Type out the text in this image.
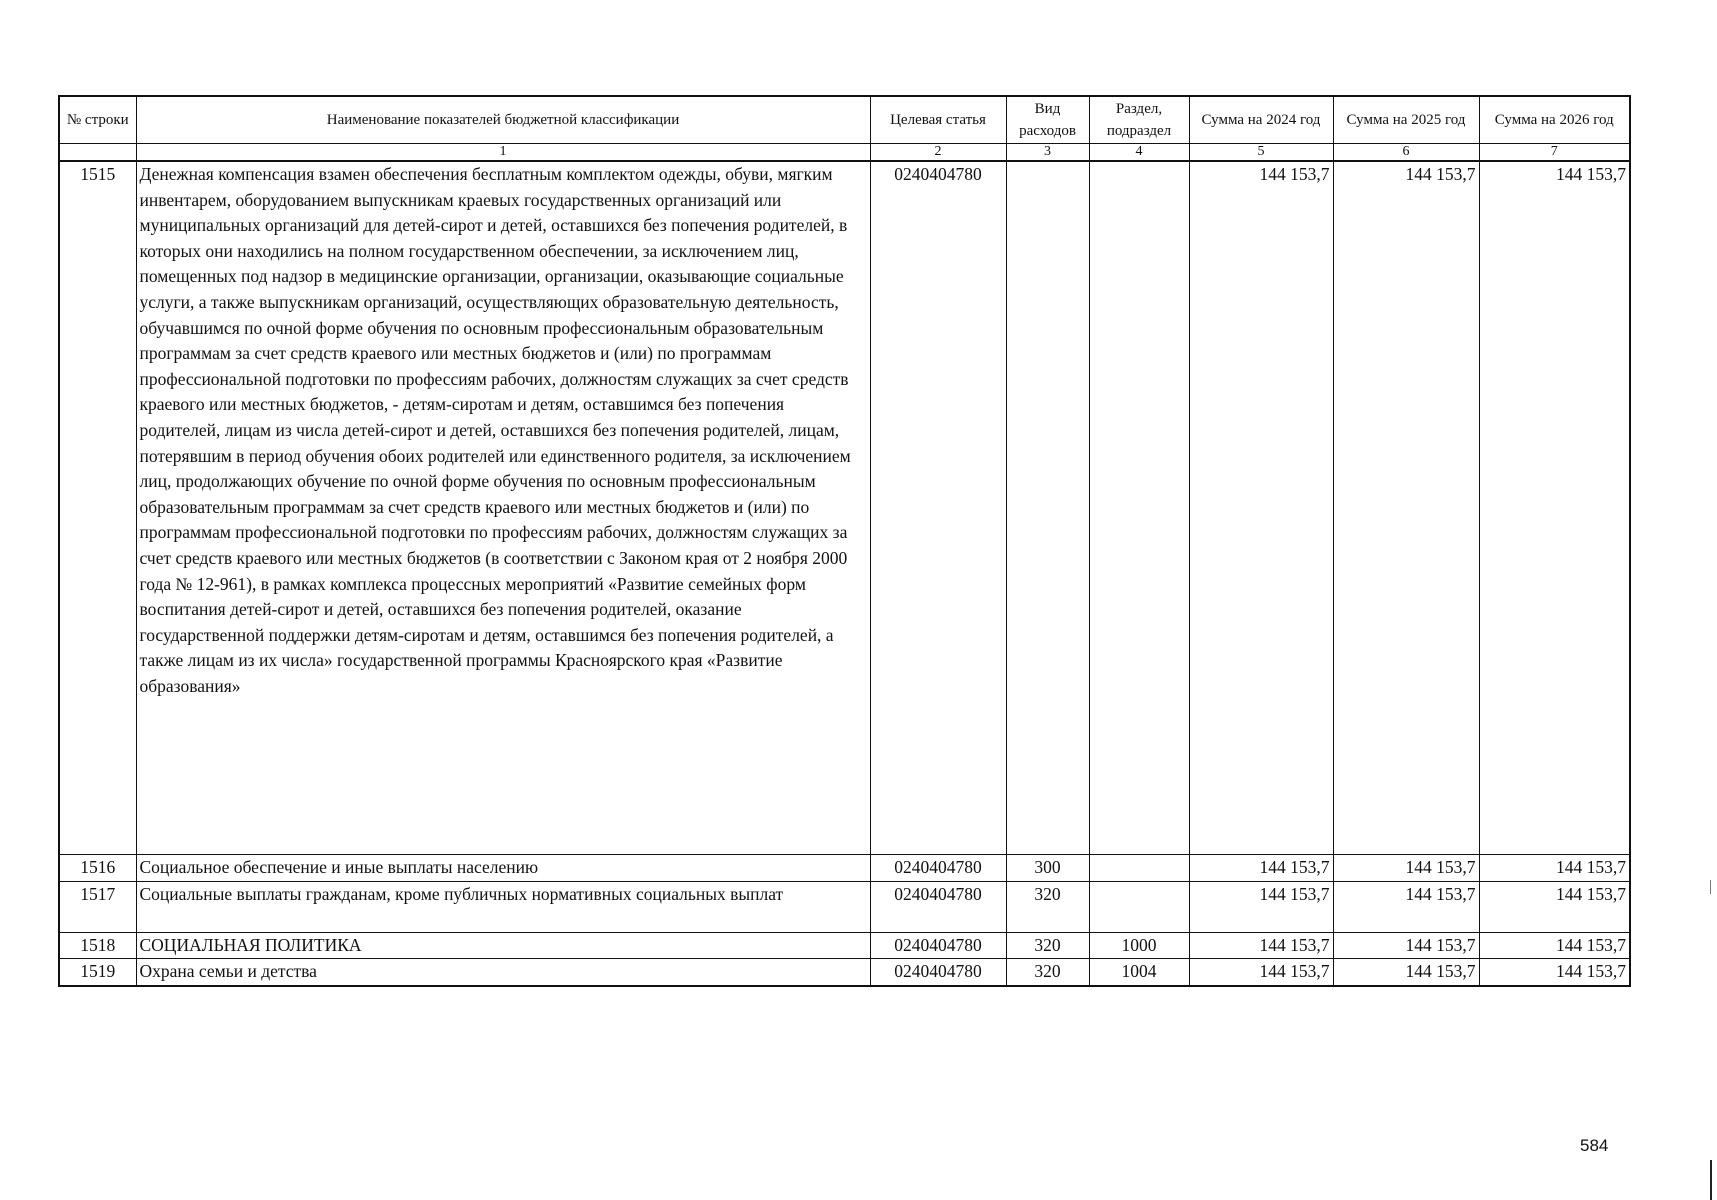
№ строки	Наименование показателей бюджетной классификации	Целевая статья	Вид расходов	Раздел, подраздел	Сумма на 2024 год	Сумма на 2025 год	Сумма на 2026 год
	1	2	3	4	5	6	7
1515	Денежная компенсация взамен обеспечения бесплатным комплектом одежды, обуви, мягким инвентарем, оборудованием выпускникам краевых государственных организаций или муниципальных организаций для детей-сирот и детей, оставшихся без попечения родителей, в которых они находились на полном государственном обеспечении, за исключением лиц, помещенных под надзор в медицинские организации, организации, оказывающие социальные услуги, а также выпускникам организаций, осуществляющих образовательную деятельность, обучавшимся по очной форме обучения по основным профессиональным образовательным программам за счет средств краевого или местных бюджетов и (или) по программам профессиональной подготовки по профессиям рабочих, должностям служащих за счет средств краевого или местных бюджетов, - детям-сиротам и детям, оставшимся без попечения родителей, лицам из числа детей-сирот и детей, оставшихся без попечения родителей, лицам, потерявшим в период обучения обоих родителей или единственного родителя, за исключением лиц, продолжающих обучение по очной форме обучения по основным профессиональным образовательным программам за счет средств краевого или местных бюджетов и (или) по программам профессиональной подготовки по профессиям рабочих, должностям служащих за счет средств краевого или местных бюджетов (в соответствии с Законом края от 2 ноября 2000 года № 12-961), в рамках комплекса процессных мероприятий «Развитие семейных форм воспитания детей-сирот и детей, оставшихся без попечения родителей, оказание государственной поддержки детям-сиротам и детям, оставшимся без попечения родителей, а также лицам из их числа» государственной программы Красноярского края «Развитие образования»	0240404780			144 153,7	144 153,7	144 153,7
1516	Социальное обеспечение и иные выплаты населению	0240404780	300		144 153,7	144 153,7	144 153,7
1517	Социальные выплаты гражданам, кроме публичных нормативных социальных выплат	0240404780	320		144 153,7	144 153,7	144 153,7
1518	СОЦИАЛЬНАЯ ПОЛИТИКА	0240404780	320	1000	144 153,7	144 153,7	144 153,7
1519	Охрана семьи и детства	0240404780	320	1004	144 153,7	144 153,7	144 153,7
584
